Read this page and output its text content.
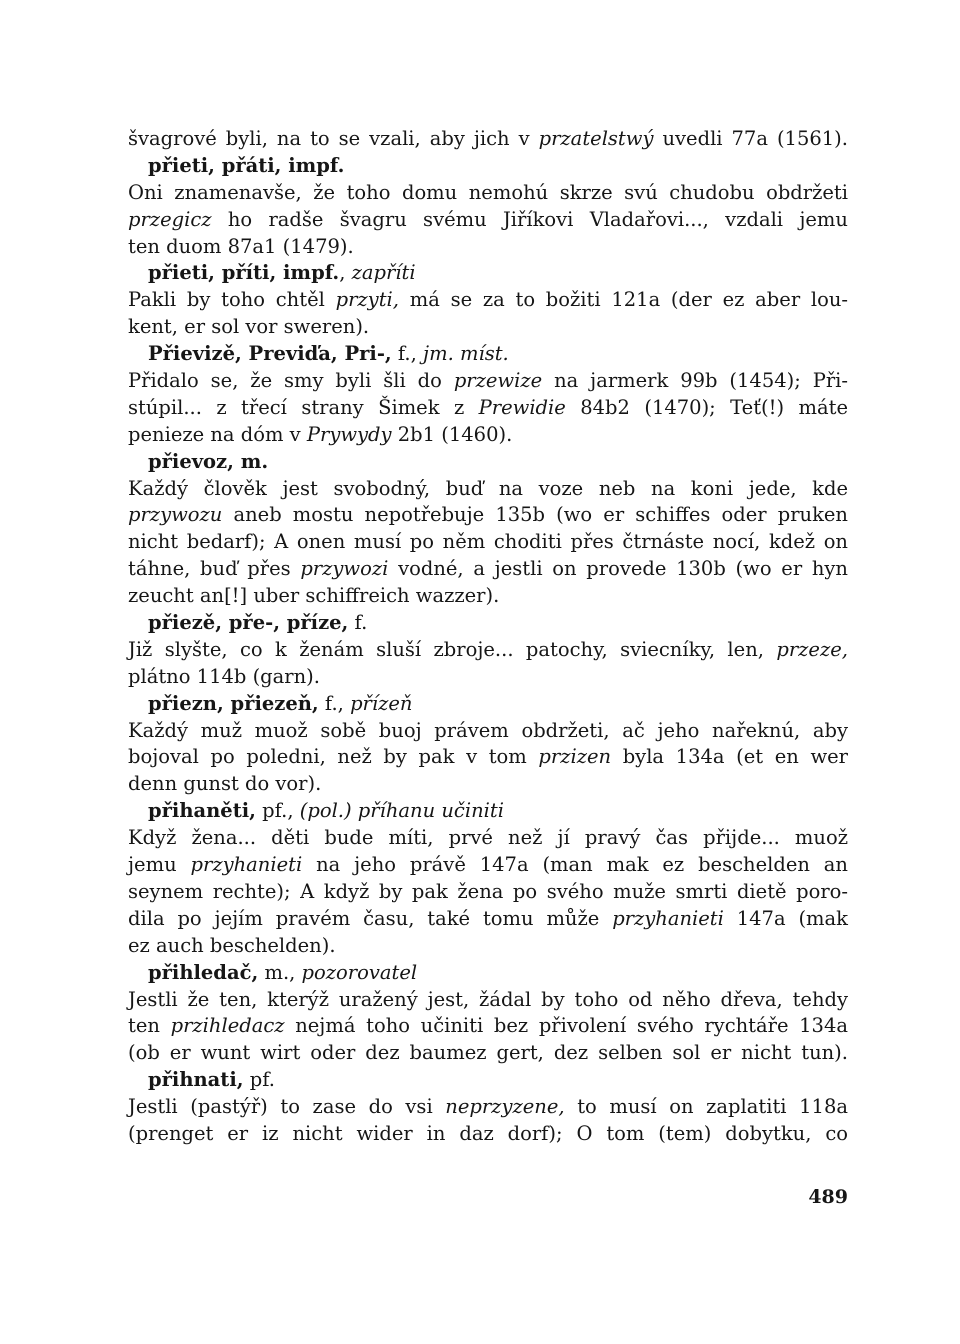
švagrové byli, na to se vzali, aby jich v przatelstwý uvedli 77a (1561).
přieti, přáti, impf.
Oni znamenavše, že toho domu nemohú skrze svú chudobu obdržeti
przegicz ho radše švagru svému Jiříkovi Vladařovi..., vzdali jemu
ten duom 87a1 (1479).
přieti, příti, impf., zapříti
Pakli by toho chtěl przyti, má se za to božiti 121a (der ez aber lou-
kent, er sol vor sweren).
Přievizě, Previďa, Pri-, f., jm. míst.
Přidalo se, že smy byli šli do przewize na jarmerk 99b (1454); Při-
stúpil... z třecí strany Šimek z Prewidie 84b2 (1470); Teť(!) máte
penieze na dóm v Prywydy 2b1 (1460).
přievoz, m.
Každý člověk jest svobodný, buď na voze neb na koni jede, kde
przywozu aneb mostu nepotřebuje 135b (wo er schiffes oder pruken
nicht bedarf); A onen musí po něm choditi přes čtrnáste nocí, kdež on
táhne, buď přes przywozi vodné, a jestli on provede 130b (wo er hyn
zeucht an[!] uber schiffreich wazzer).
přiezě, pře-, příze, f.
Již slyšte, co k ženám sluší zbroje... patochy, sviecníky, len, przeze,
plátno 114b (garn).
přiezn, přiezeň, f., přízeň
Každý muž muož sobě buoj právem obdržeti, ač jeho nařeknú, aby
bojoval po poledni, než by pak v tom przizen byla 134a (et en wer
denn gunst do vor).
přihaněti, pf., (pol.) příhanu učiniti
Když žena... děti bude míti, prvé než jí pravý čas přijde... muož
jemu przyhanieti na jeho právě 147a (man mak ez beschelden an
seynem rechte); A když by pak žena po svého muže smrti dietě poro-
dila po jejím pravém času, také tomu může przyhanieti 147a (mak
ez auch beschelden).
přihledač, m., pozorovatel
Jestli že ten, kterýž uražený jest, žádal by toho od něho dřeva, tehdy
ten przihledacz nejmá toho učiniti bez přivolení svého rychtáře 134a
(ob er wunt wirt oder dez baumez gert, dez selben sol er nicht tun).
přihnati, pf.
Jestli (pastýř) to zase do vsi neprzyzene, to musí on zaplatiti 118a
(prenget er iz nicht wider in daz dorf); O tom (tem) dobytku, co
489
